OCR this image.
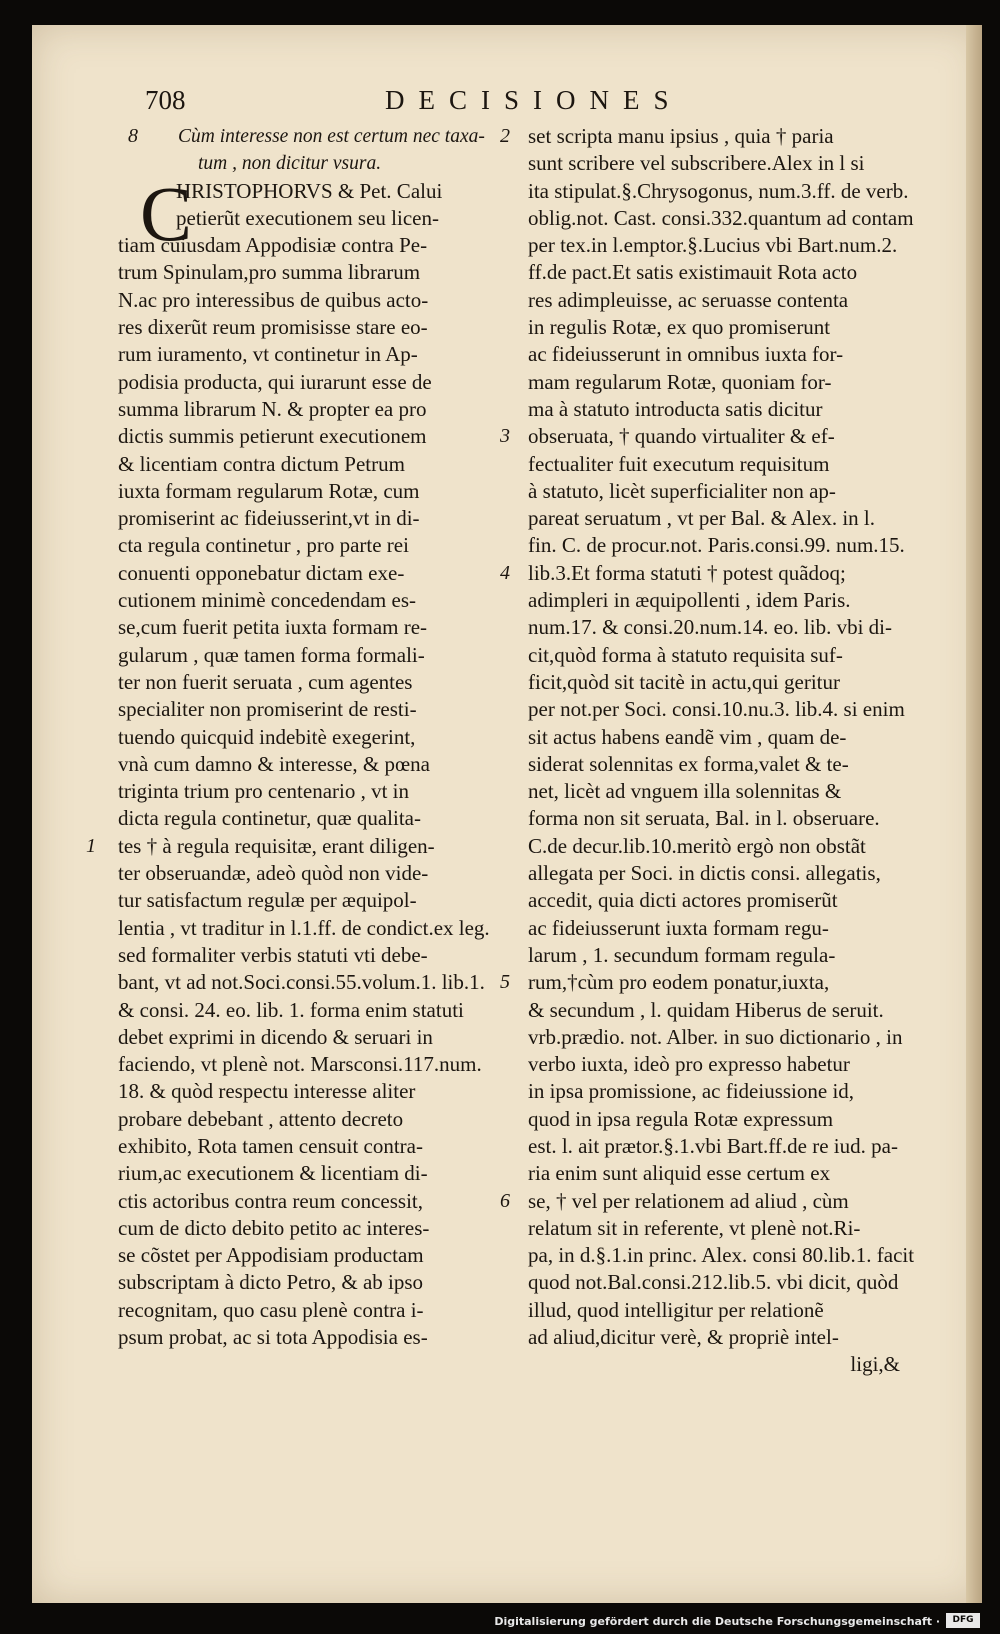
708	DECISIONES
Cùm interesse non est certum nec taxa-
8
tum , non dicitur vsura.
HRISTOPHORVS & Pet. Calui
petierũt executionem seu licen-
tiam cuiusdam Appodisiæ contra Pe-
trum Spinulam,pro summa librarum
N.ac pro interessibus de quibus acto-
res dixerũt reum promisisse stare eo-
rum iuramento, vt continetur in Ap-
podisia producta, qui iurarunt esse de
summa librarum N. & propter ea pro
dictis summis petierunt executionem
& licentiam contra dictum Petrum
iuxta formam regularum Rotæ, cum
promiserint ac fideiusserint,vt in di-
cta regula continetur , pro parte rei
conuenti opponebatur dictam exe-
cutionem minimè concedendam es-
se,cum fuerit petita iuxta formam re-
gularum , quæ tamen forma formali-
ter non fuerit seruata , cum agentes
specialiter non promiserint de resti-
tuendo quicquid indebitè exegerint,
vnà cum damno & interesse, & pœna
triginta trium pro centenario , vt in
dicta regula continetur, quæ qualita-
tes † à regula requisitæ, erant diligen-
1
ter obseruandæ, adeò quòd non vide-
tur satisfactum regulæ per æquipol-
lentia , vt traditur in l.1.ff. de condict.ex leg.
sed formaliter verbis statuti vti debe-
bant, vt ad not.Soci.consi.55.volum.1. lib.1.
& consi. 24. eo. lib. 1. forma enim statuti
debet exprimi in dicendo & seruari in
faciendo, vt plenè not. Marsconsi.117.num.
18. & quòd respectu interesse aliter
probare debebant , attento decreto
exhibito, Rota tamen censuit contra-
rium,ac executionem & licentiam di-
ctis actoribus contra reum concessit,
cum de dicto debito petito ac interes-
se cõstet per Appodisiam productam
subscriptam à dicto Petro, & ab ipso
recognitam, quo casu plenè contra i-
psum probat, ac si tota Appodisia es-
set scripta manu ipsius , quia † paria
2
sunt scribere vel subscribere.Alex in l si
ita stipulat.§.Chrysogonus, num.3.ff. de verb.
oblig.not. Cast. consi.332.quantum ad contam
per tex.in l.emptor.§.Lucius vbi Bart.num.2.
ff.de pact.Et satis existimauit Rota acto
res adimpleuisse, ac seruasse contenta
in regulis Rotæ, ex quo promiserunt
ac fideiusserunt in omnibus iuxta for-
mam regularum Rotæ, quoniam for-
ma à statuto introducta satis dicitur
obseruata, † quando virtualiter & ef-
3
fectualiter fuit executum requisitum
à statuto, licèt superficialiter non ap-
pareat seruatum , vt per Bal. & Alex. in l.
fin. C. de procur.not. Paris.consi.99. num.15.
lib.3.Et forma statuti † potest quãdoq;
4
adimpleri in æquipollenti , idem Paris.
num.17. & consi.20.num.14. eo. lib. vbi di-
cit,quòd forma à statuto requisita suf-
ficit,quòd sit tacitè in actu,qui geritur
per not.per Soci. consi.10.nu.3. lib.4. si enim
sit actus habens eandẽ vim , quam de-
siderat solennitas ex forma,valet & te-
net, licèt ad vnguem illa solennitas &
forma non sit seruata, Bal. in l. obseruare.
C.de decur.lib.10.meritò ergò non obstãt
allegata per Soci. in dictis consi. allegatis,
accedit, quia dicti actores promiserũt
ac fideiusserunt iuxta formam regu-
larum , 1. secundum formam regula-
rum,†cùm pro eodem ponatur,iuxta,
5
& secundum , l. quidam Hiberus de seruit.
vrb.prædio. not. Alber. in suo dictionario , in
verbo iuxta, ideò pro expresso habetur
in ipsa promissione, ac fideiussione id,
quod in ipsa regula Rotæ expressum
est. l. ait prætor.§.1.vbi Bart.ff.de re iud. pa-
ria enim sunt aliquid esse certum ex
se, † vel per relationem ad aliud , cùm
6
relatum sit in referente, vt plenè not.Ri-
pa, in d.§.1.in princ. Alex. consi 80.lib.1. facit
quod not.Bal.consi.212.lib.5. vbi dicit, quòd
illud, quod intelligitur per relationẽ
ad aliud,dicitur verè, & propriè intel-
ligi,&
Digitalisierung gefördert durch die Deutsche Forschungsgemeinschaft ·	DFG
C
